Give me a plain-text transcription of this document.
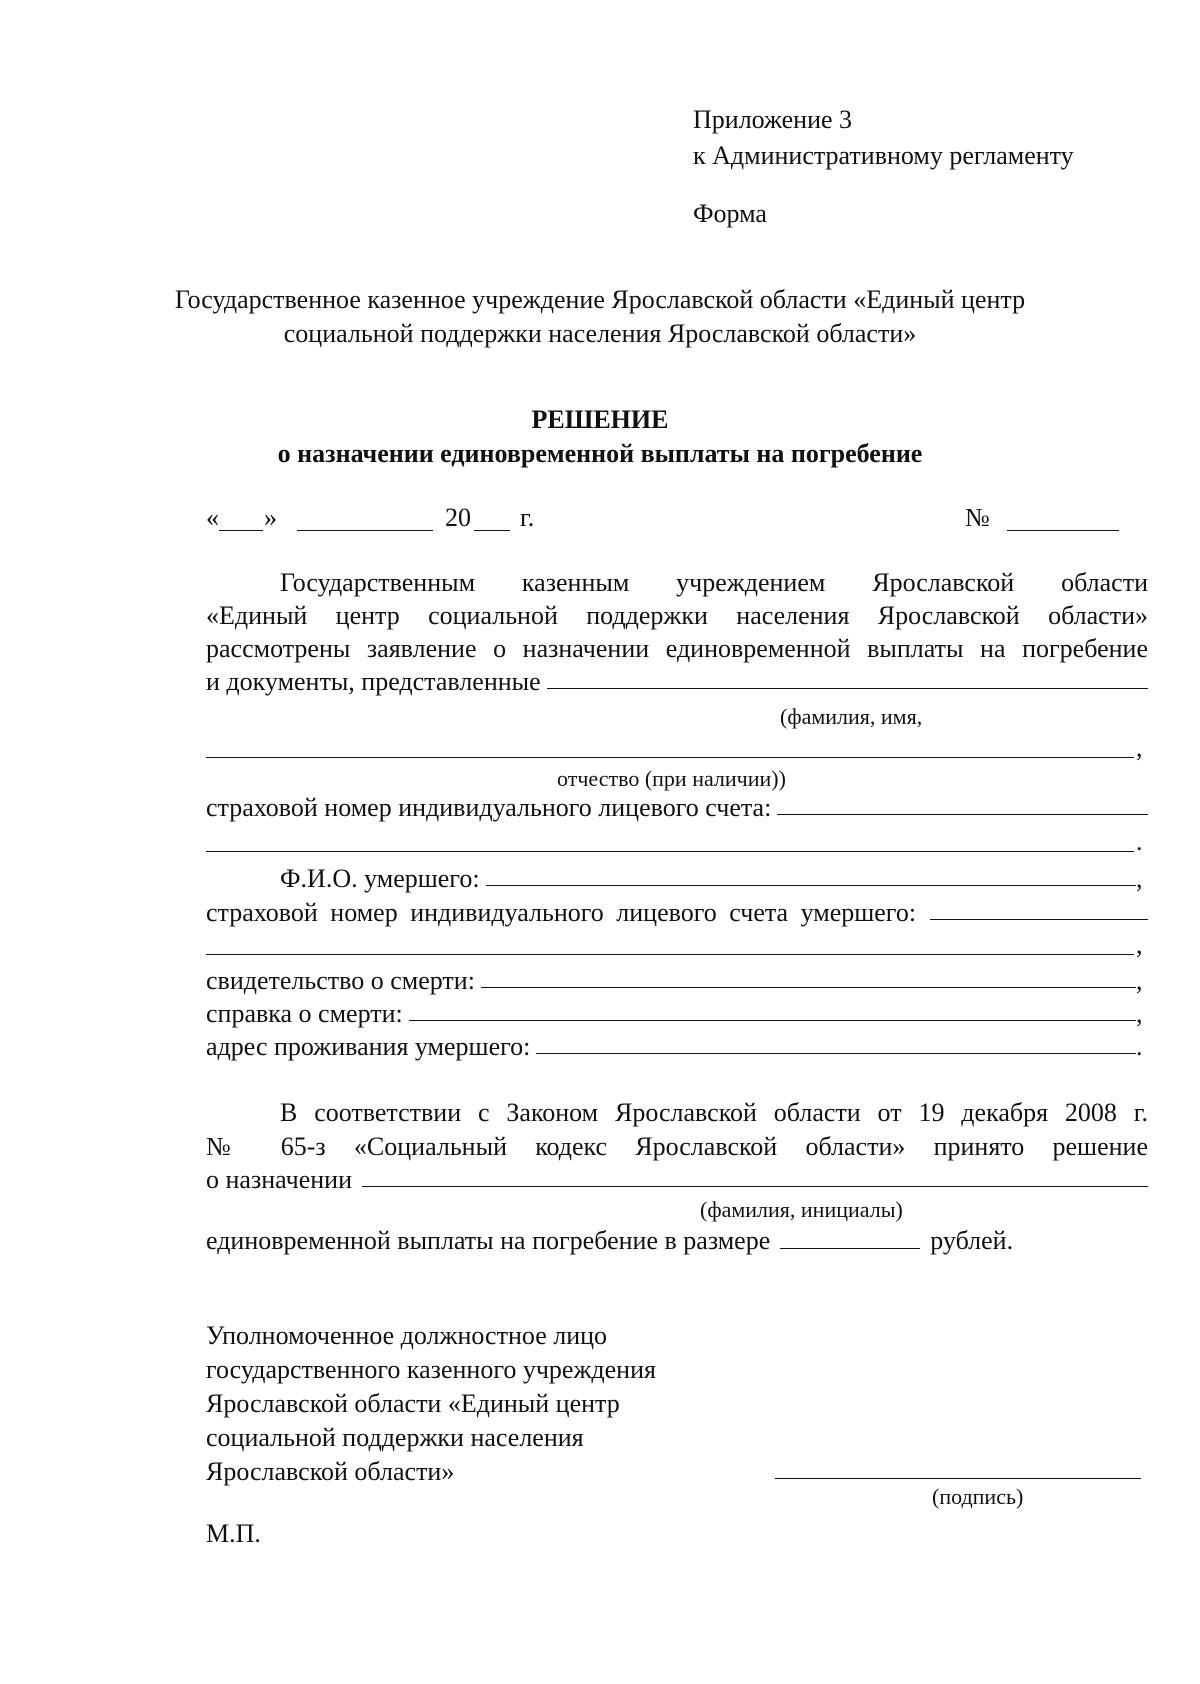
Приложение 3
к Административному регламенту
Форма
Государственное казенное учреждение Ярославской области «Единый центр
социальной поддержки населения Ярославской области»
РЕШЕНИЕ
о назначении единовременной выплаты на погребение
« »	20 г.	№
Государственным казенным учреждением Ярославской области
«Единый центр социальной поддержки населения Ярославской области»
рассмотрены заявление о назначении единовременной выплаты на погребение
и документы, представленные
(фамилия, имя,
,
отчество (при наличии))
страховой номер индивидуального лицевого счета:
.
Ф.И.О. умершего:	,
страховой номер индивидуального лицевого счета умершего:
,
свидетельство о смерти:	,
справка о смерти:	,
адрес проживания умершего:	.
В соответствии с Законом Ярославской области от 19 декабря 2008 г.
№ 65-з «Социальный кодекс Ярославской области» принято решение
о назначении
(фамилия, инициалы)
единовременной выплаты на погребение в размере	рублей.
Уполномоченное должностное лицо
государственного казенного учреждения
Ярославской области «Единый центр
социальной поддержки населения
Ярославской области»
(подпись)
М.П.
